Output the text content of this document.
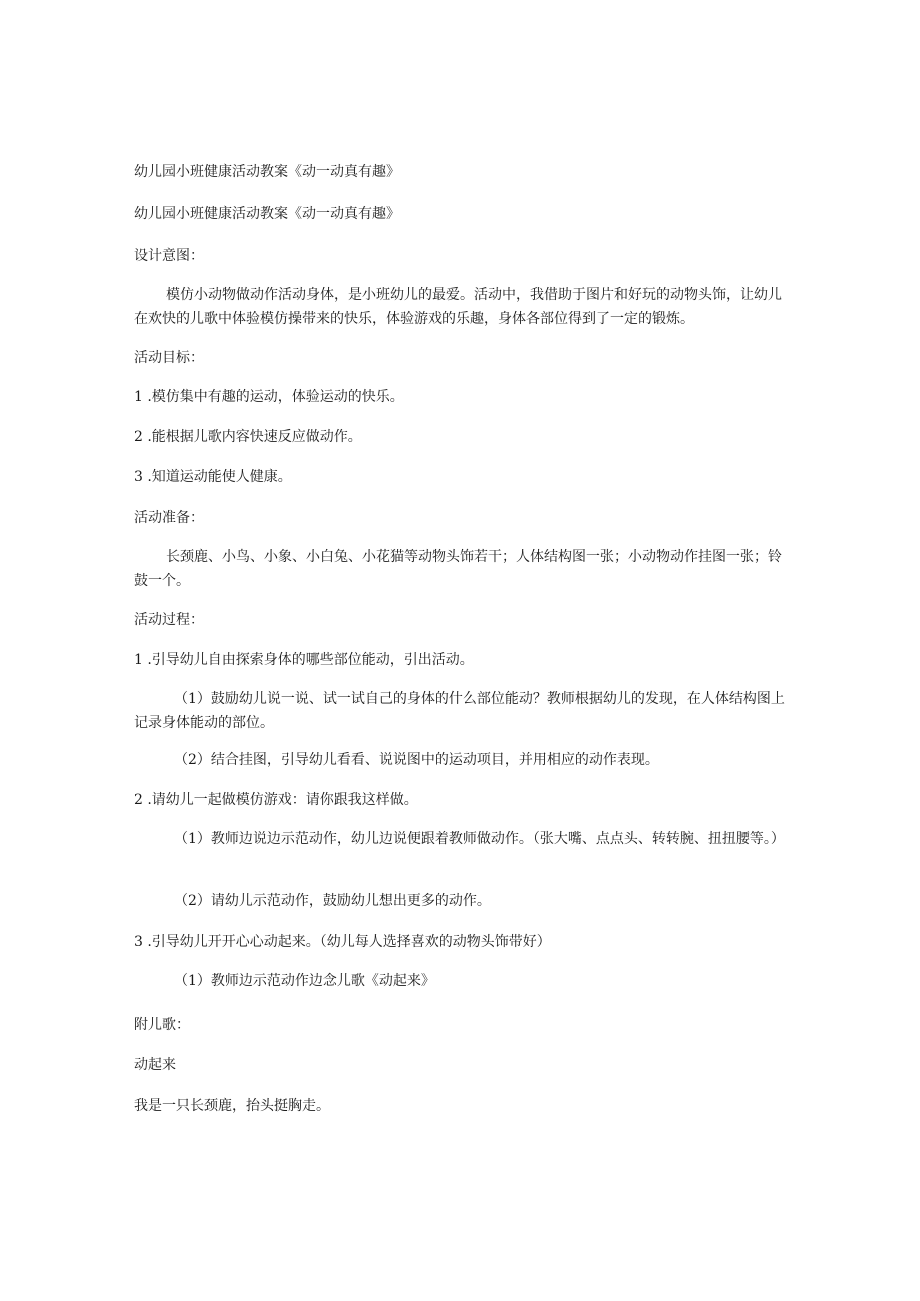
幼儿园小班健康活动教案《动一动真有趣》

幼儿园小班健康活动教案《动一动真有趣》

设计意图：

模仿小动物做动作活动身体，是小班幼儿的最爱。活动中，我借助于图片和好玩的动物头饰，让幼儿在欢快的儿歌中体验模仿操带来的快乐，体验游戏的乐趣，身体各部位得到了一定的锻炼。

活动目标：

1 .模仿集中有趣的运动，体验运动的快乐。

2 .能根据儿歌内容快速反应做动作。

3 .知道运动能使人健康。

活动准备：

长颈鹿、小鸟、小象、小白兔、小花猫等动物头饰若干；人体结构图一张；小动物动作挂图一张；铃鼓一个。

活动过程：

1 .引导幼儿自由探索身体的哪些部位能动，引出活动。

（1）鼓励幼儿说一说、试一试自己的身体的什么部位能动？教师根据幼儿的发现，在人体结构图上记录身体能动的部位。

（2）结合挂图，引导幼儿看看、说说图中的运动项目，并用相应的动作表现。

2 .请幼儿一起做模仿游戏：请你跟我这样做。

（1）教师边说边示范动作，幼儿边说便跟着教师做动作。（张大嘴、点点头、转转腕、扭扭腰等。）

（2）请幼儿示范动作，鼓励幼儿想出更多的动作。

3 .引导幼儿开开心心动起来。（幼儿每人选择喜欢的动物头饰带好）

（1）教师边示范动作边念儿歌《动起来》

附儿歌：

动起来

我是一只长颈鹿，抬头挺胸走。
